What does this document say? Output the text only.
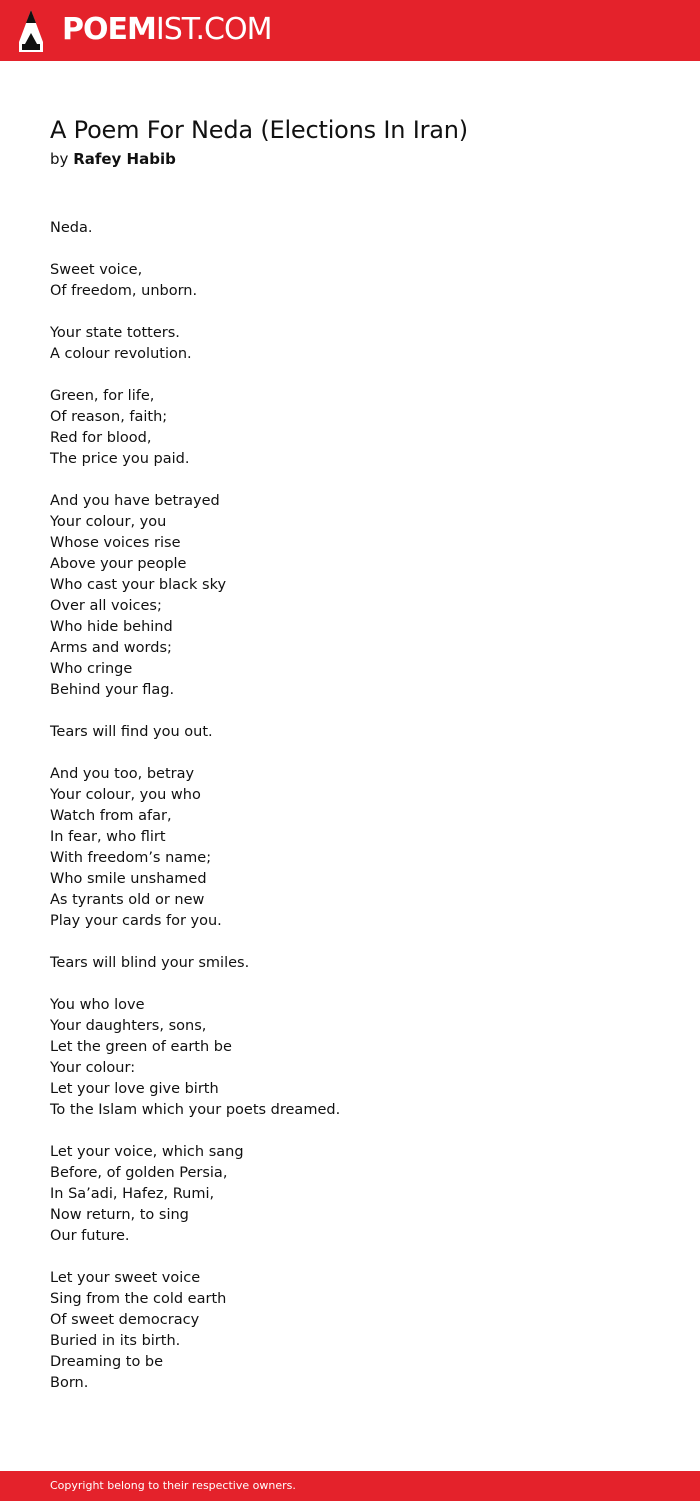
POEMIST.COM
A Poem For Neda (Elections In Iran)
by Rafey Habib
Neda.

Sweet voice,
Of freedom, unborn.

Your state totters.
A colour revolution.

Green, for life,
Of reason, faith;
Red for blood,
The price you paid.

And you have betrayed
Your colour, you
Whose voices rise
Above your people
Who cast your black sky
Over all voices;
Who hide behind
Arms and words;
Who cringe
Behind your flag.

Tears will find you out.

And you too, betray
Your colour, you who
Watch from afar,
In fear, who flirt
With freedom’s name;
Who smile unshamed
As tyrants old or new
Play your cards for you.

Tears will blind your smiles.

You who love
Your daughters, sons,
Let the green of earth be
Your colour:
Let your love give birth
To the Islam which your poets dreamed.

Let your voice, which sang
Before, of golden Persia,
In Sa’adi, Hafez, Rumi,
Now return, to sing
Our future.

Let your sweet voice
Sing from the cold earth
Of sweet democracy
Buried in its birth.
Dreaming to be
Born.
Copyright belong to their respective owners.
